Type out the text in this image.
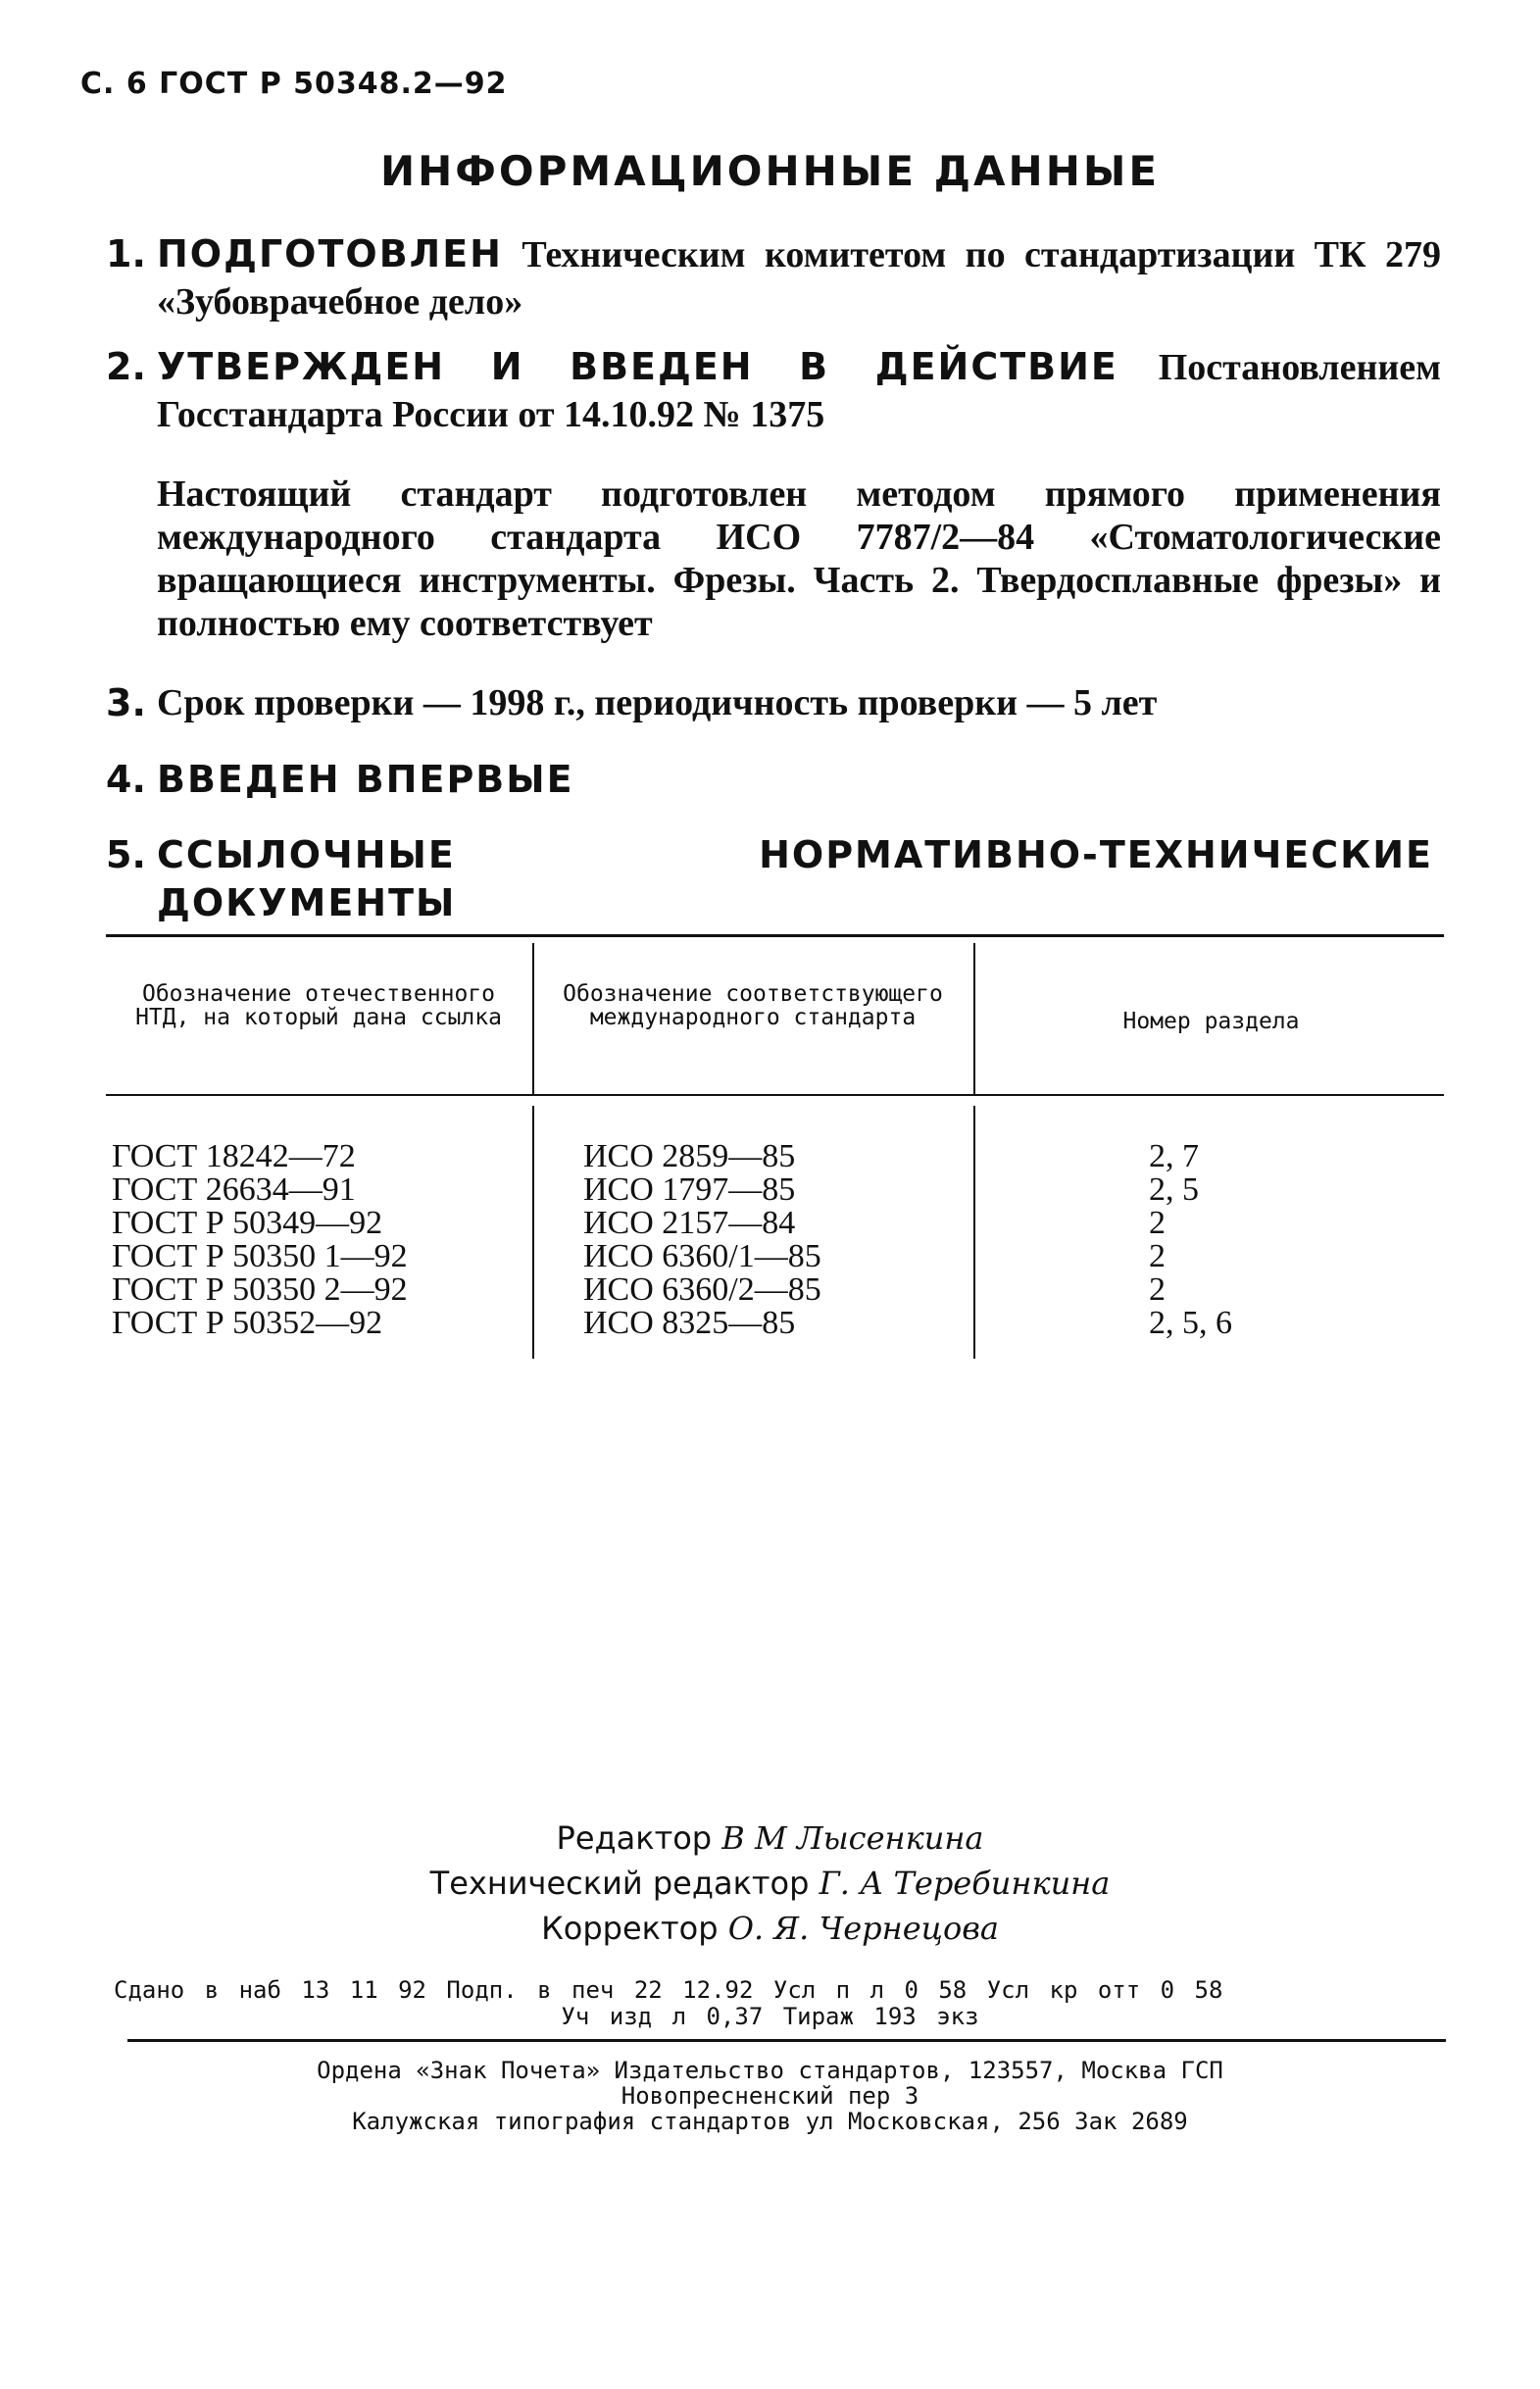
С. 6 ГОСТ Р 50348.2—92
ИНФОРМАЦИОННЫЕ ДАННЫЕ
1. ПОДГОТОВЛЕН Техническим комитетом по стандартизации ТК 279 «Зубоврачебное дело»
2. УТВЕРЖДЕН И ВВЕДЕН В ДЕЙСТВИЕ Постановлением Госстандарта России от 14.10.92 № 1375
Настоящий стандарт подготовлен методом прямого применения международного стандарта ИСО 7787/2—84 «Стоматологические вращающиеся инструменты. Фрезы. Часть 2. Твердосплавные фрезы» и полностью ему соответствует
3. Срок проверки — 1998 г., периодичность проверки — 5 лет
4. ВВЕДЕН ВПЕРВЫЕ
5. ССЫЛОЧНЫЕ НОРМАТИВНО-ТЕХНИЧЕСКИЕ ДОКУМЕНТЫ
Обозначение отечественного НТД, на который дана ссылка
Обозначение соответствующего международного стандарта	Номер раздела
ГОСТ 18242—72
ГОСТ 26634—91
ГОСТ Р 50349—92
ГОСТ Р 50350 1—92
ГОСТ Р 50350 2—92
ГОСТ Р 50352—92
ИСО 2859—85
ИСО 1797—85
ИСО 2157—84
ИСО 6360/1—85
ИСО 6360/2—85
ИСО 8325—85
2, 7
2, 5
2
2
2
2, 5, 6
Редактор В М Лысенкина
Технический редактор Г. А Теребинкина
Корректор О. Я. Чернецова
Сдано в наб 13 11 92 Подп. в печ 22 12.92 Усл п л 0 58 Усл кр отт 0 58
Уч изд л 0,37 Тираж 193 экз
Ордена «Знак Почета» Издательство стандартов, 123557, Москва ГСП
Новопресненский пер 3
Калужская типография стандартов ул Московская, 256 Зак 2689
